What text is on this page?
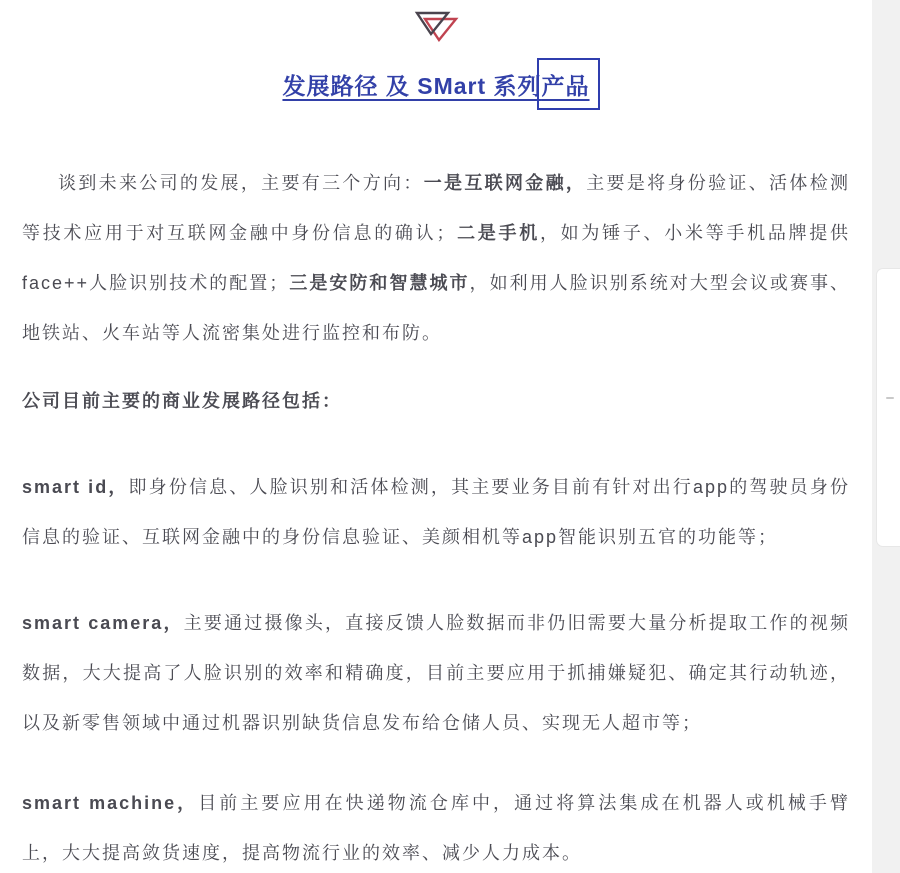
发展路径 及 SMart 系列产品

谈到未来公司的发展，主要有三个方向：一是互联网金融，主要是将身份验证、活体检测等技术应用于对互联网金融中身份信息的确认；二是手机，如为锤子、小米等手机品牌提供face++人脸识别技术的配置；三是安防和智慧城市，如利用人脸识别系统对大型会议或赛事、地铁站、火车站等人流密集处进行监控和布防。

公司目前主要的商业发展路径包括：

smart id，即身份信息、人脸识别和活体检测，其主要业务目前有针对出行app的驾驶员身份信息的验证、互联网金融中的身份信息验证、美颜相机等app智能识别五官的功能等；

smart camera，主要通过摄像头，直接反馈人脸数据而非仍旧需要大量分析提取工作的视频数据，大大提高了人脸识别的效率和精确度，目前主要应用于抓捕嫌疑犯、确定其行动轨迹，以及新零售领域中通过机器识别缺货信息发布给仓储人员、实现无人超市等；

smart machine，目前主要应用在快递物流仓库中，通过将算法集成在机器人或机械手臂上，大大提高敛货速度，提高物流行业的效率、减少人力成本。
